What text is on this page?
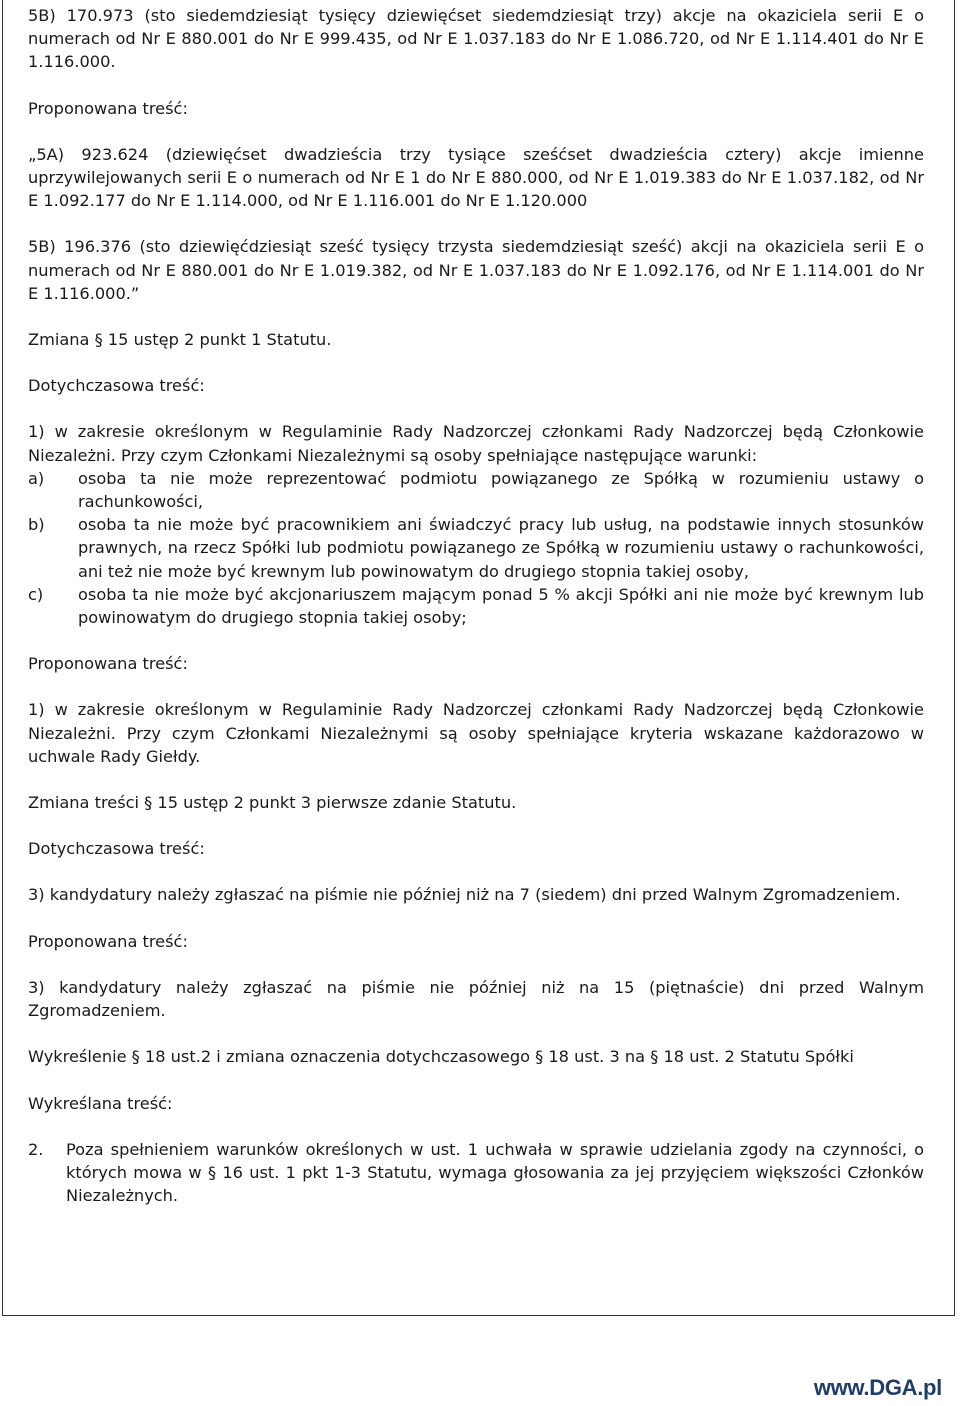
5B) 170.973 (sto siedemdziesiąt tysięcy dziewięćset siedemdziesiąt trzy) akcje na okaziciela serii E o numerach od Nr E 880.001 do Nr E 999.435, od Nr E 1.037.183 do Nr E 1.086.720, od Nr E 1.114.401 do Nr E 1.116.000.

Proponowana treść:

„5A) 923.624 (dziewięćset dwadzieścia trzy tysiące sześćset dwadzieścia cztery) akcje imienne uprzywilejowanych serii E o numerach od Nr E 1 do Nr E 880.000, od Nr E 1.019.383 do Nr E 1.037.182, od Nr E 1.092.177 do Nr E 1.114.000, od Nr E 1.116.001 do Nr E 1.120.000

5B) 196.376 (sto dziewięćdziesiąt sześć tysięcy trzysta siedemdziesiąt sześć) akcji na okaziciela serii E o numerach od Nr E 880.001 do Nr E 1.019.382, od Nr E 1.037.183 do Nr E 1.092.176, od Nr E 1.114.001 do Nr E 1.116.000.”

Zmiana § 15 ustęp 2 punkt 1 Statutu.

Dotychczasowa treść:

1) w zakresie określonym w Regulaminie Rady Nadzorczej członkami Rady Nadzorczej będą Członkowie Niezależni. Przy czym Członkami Niezależnymi są osoby spełniające następujące warunki:

a)	osoba ta nie może reprezentować podmiotu powiązanego ze Spółką w rozumieniu ustawy o rachunkowości,
b)	osoba ta nie może być pracownikiem ani świadczyć pracy lub usług, na podstawie innych stosunków prawnych, na rzecz Spółki lub podmiotu powiązanego ze Spółką w rozumieniu ustawy o rachunkowości, ani też nie może być krewnym lub powinowatym do drugiego stopnia takiej osoby,
c)	osoba ta nie może być akcjonariuszem mającym ponad 5 % akcji Spółki ani nie może być krewnym lub powinowatym do drugiego stopnia takiej osoby;

Proponowana treść:

1) w zakresie określonym w Regulaminie Rady Nadzorczej członkami Rady Nadzorczej będą Członkowie Niezależni. Przy czym Członkami Niezależnymi są osoby spełniające kryteria wskazane każdorazowo w uchwale Rady Giełdy.

Zmiana treści § 15 ustęp 2 punkt 3 pierwsze zdanie Statutu.

Dotychczasowa treść:

3) kandydatury należy zgłaszać na piśmie nie później niż na 7 (siedem) dni przed Walnym Zgromadzeniem.

Proponowana treść:

3) kandydatury należy zgłaszać na piśmie nie później niż na 15 (piętnaście) dni przed Walnym Zgromadzeniem.

Wykreślenie § 18 ust.2 i zmiana oznaczenia dotychczasowego § 18 ust. 3 na § 18 ust. 2 Statutu Spółki

Wykreślana treść:

2.	Poza spełnieniem warunków określonych w ust. 1 uchwała w sprawie udzielania zgody na czynności, o których mowa w § 16 ust. 1 pkt 1-3 Statutu, wymaga głosowania za jej przyjęciem większości Członków Niezależnych.
www.DGA.pl
